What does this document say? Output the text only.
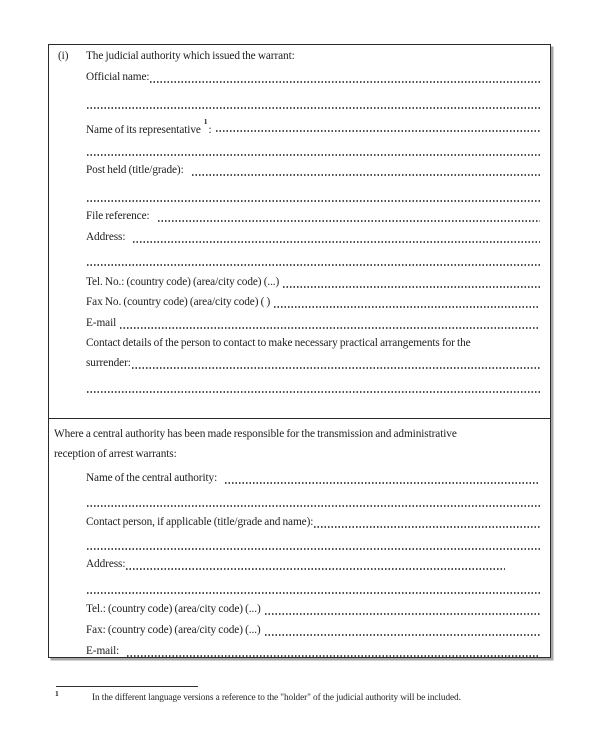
(i) The judicial authority which issued the warrant:
Official name:
Name of its representative$^1$:
Post held (title/grade):
File reference:
Address:
Tel. No.: (country code) (area/city code) (...)
Fax No. (country code) (area/city code) ( )
E-mail
Contact details of the person to contact to make necessary practical arrangements for the
surrender:
Where a central authority has been made responsible for the transmission and administrative
reception of arrest warrants:
Name of the central authority:
Contact person, if applicable (title/grade and name):
Address:
Tel.: (country code) (area/city code) (...)
Fax: (country code) (area/city code) (...)
E-mail:
1	In the different language versions a reference to the "holder" of the judicial authority will be included.
